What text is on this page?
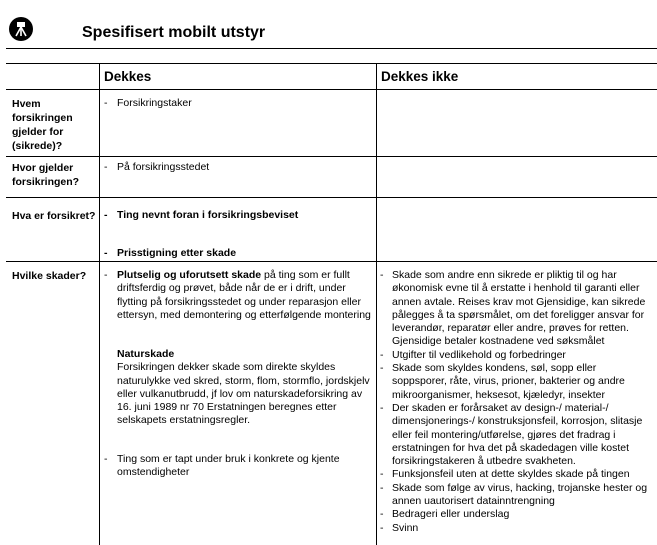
Spesifisert mobilt utstyr
Dekkes	Dekkes ikke
Hvem forsikringen gjelder for (sikrede)?
Hvor gjelder forsikringen?
Hva er forsikret?
Hvilke skader?
- Forsikringstaker
- På forsikringsstedet
- Ting nevnt foran i forsikringsbeviset
- Prisstigning etter skade
- Plutselig og uforutsett skade på ting som er fullt driftsferdig og prøvet, både når de er i drift, under flytting på forsikringsstedet og under reparasjon eller ettersyn, med demontering og etterfølgende montering
Naturskade
Forsikringen dekker skade som direkte skyldes naturulykke ved skred, storm, flom, stormflo, jordskjelv eller vulkanutbrudd, jf lov om naturskadeforsikring av 16. juni 1989 nr 70 Erstatningen beregnes etter selskapets erstatningsregler.
- Ting som er tapt under bruk i konkrete og kjente omstendigheter
- Skade som andre enn sikrede er pliktig til og har økonomisk evne til å erstatte i henhold til garanti eller annen avtale. Reises krav mot Gjensidige, kan sikrede pålegges å ta spørsmålet, om det foreligger ansvar for leverandør, reparatør eller andre, prøves for retten. Gjensidige betaler kostnadene ved søksmålet
- Utgifter til vedlikehold og forbedringer
- Skade som skyldes kondens, søl, sopp eller soppsporer, råte, virus, prioner, bakterier og andre mikroorganismer, heksesot, kjæledyr, insekter
- Der skaden er forårsaket av design-/ material-/ dimensjonerings-/ konstruksjonsfeil, korrosjon, slitasje eller feil montering/utførelse, gjøres det fradrag i erstatningen for hva det på skadedagen ville kostet forsikringstakeren å utbedre svakheten.
- Funksjonsfeil uten at dette skyldes skade på tingen
- Skade som følge av virus, hacking, trojanske hester og annen uautorisert datainntrengning
- Bedrageri eller underslag
- Svinn
